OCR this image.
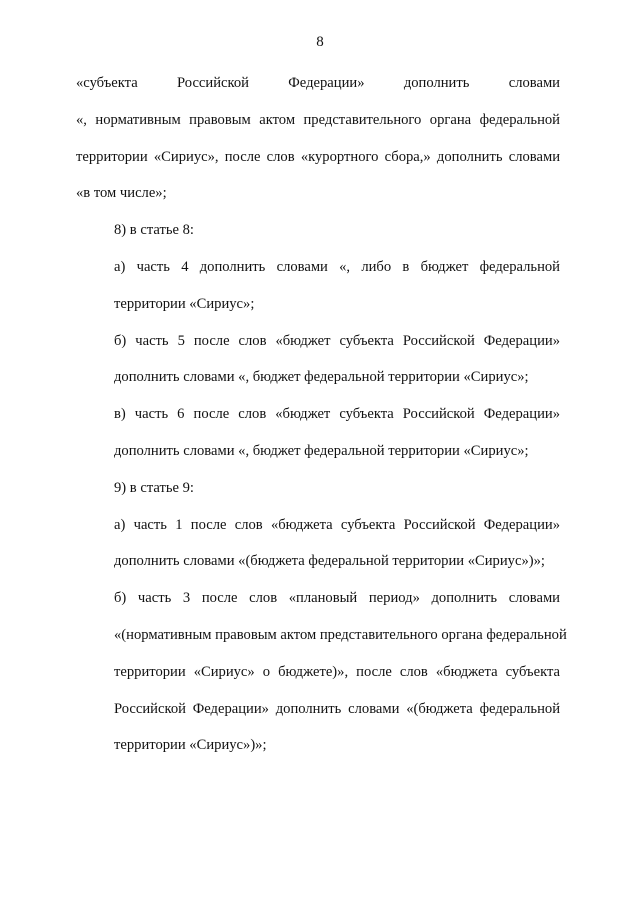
8
«субъекта Российской Федерации» дополнить словами
«, нормативным правовым актом представительного органа федеральной
территории «Сириус», после слов «курортного сбора,» дополнить словами
«в том числе»;
8) в статье 8:
а) часть 4 дополнить словами «, либо в бюджет федеральной
территории «Сириус»;
б) часть 5 после слов «бюджет субъекта Российской Федерации»
дополнить словами «, бюджет федеральной территории «Сириус»;
в) часть 6 после слов «бюджет субъекта Российской Федерации»
дополнить словами «, бюджет федеральной территории «Сириус»;
9) в статье 9:
а) часть 1 после слов «бюджета субъекта Российской Федерации»
дополнить словами «(бюджета федеральной территории «Сириус»)»;
б) часть 3 после слов «плановый период» дополнить словами
«(нормативным правовым актом представительного органа федеральной
территории «Сириус» о бюджете)», после слов «бюджета субъекта
Российской Федерации» дополнить словами «(бюджета федеральной
территории «Сириус»)»;
